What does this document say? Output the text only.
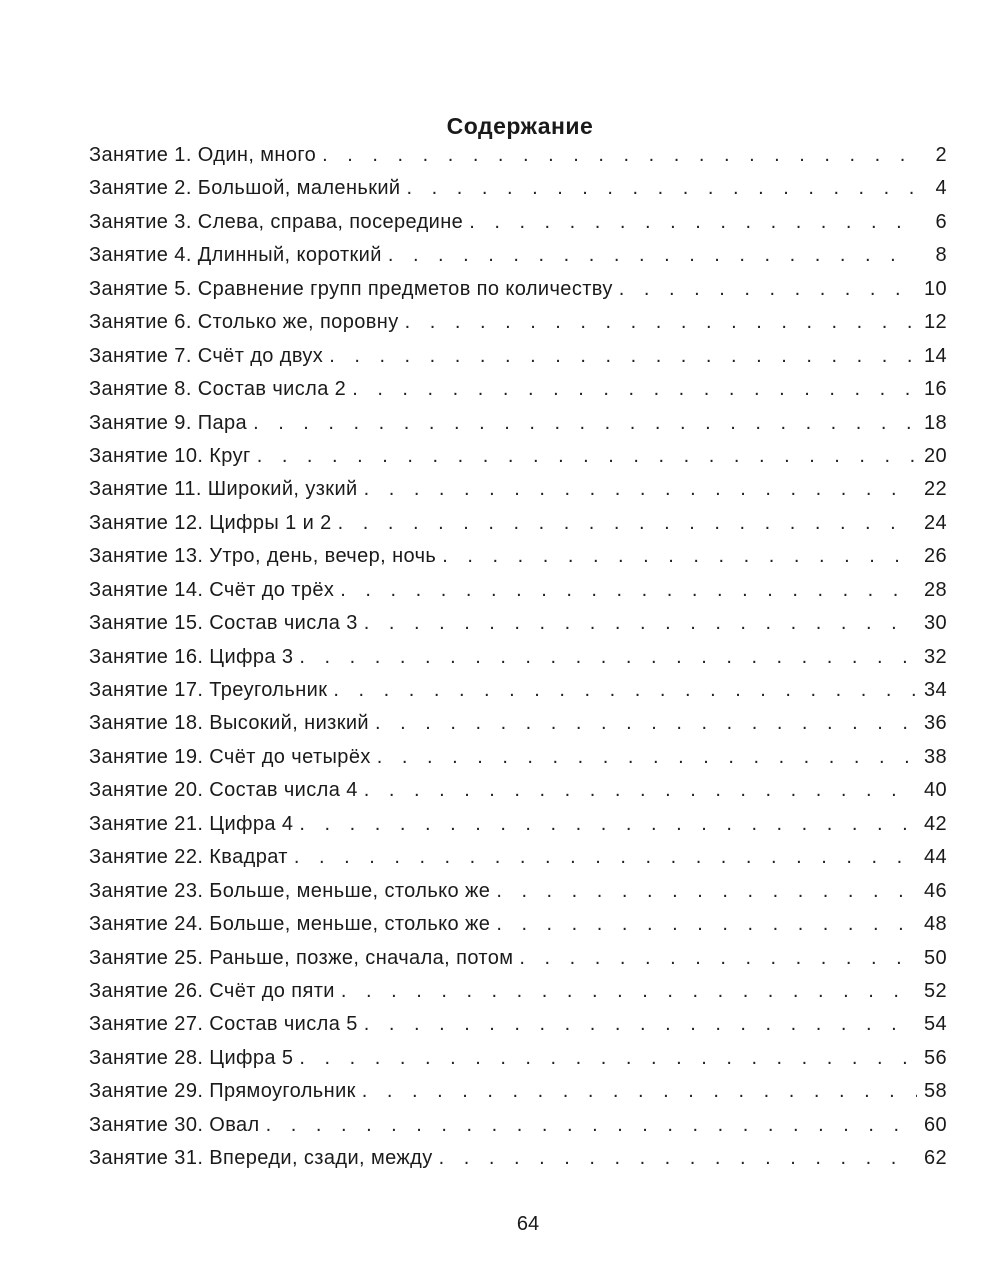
Содержание
Занятие 1. Один, много . . .	2
Занятие 2. Большой, маленький . . .	4
Занятие 3. Слева, справа, посередине . . .	6
Занятие 4. Длинный, короткий . . .	8
Занятие 5. Сравнение групп предметов по количеству . . .	10
Занятие 6. Столько же, поровну . . .	12
Занятие 7. Счёт до двух . . .	14
Занятие 8. Состав числа 2 . . .	16
Занятие 9. Пара . . .	18
Занятие 10. Круг . . .	20
Занятие 11. Широкий, узкий . . .	22
Занятие 12. Цифры 1 и 2 . . .	24
Занятие 13. Утро, день, вечер, ночь . . .	26
Занятие 14. Счёт до трёх . . .	28
Занятие 15. Состав числа 3 . . .	30
Занятие 16. Цифра 3 . . .	32
Занятие 17. Треугольник . . .	34
Занятие 18. Высокий, низкий . . .	36
Занятие 19. Счёт до четырёх . . .	38
Занятие 20. Состав числа 4 . . .	40
Занятие 21. Цифра 4 . . .	42
Занятие 22. Квадрат . . .	44
Занятие 23. Больше, меньше, столько же . . .	46
Занятие 24. Больше, меньше, столько же . . .	48
Занятие 25. Раньше, позже, сначала, потом . . .	50
Занятие 26. Счёт до пяти . . .	52
Занятие 27. Состав числа 5 . . .	54
Занятие 28. Цифра 5 . . .	56
Занятие 29. Прямоугольник . . .	58
Занятие 30. Овал . . .	60
Занятие 31. Впереди, сзади, между . . .	62
64
